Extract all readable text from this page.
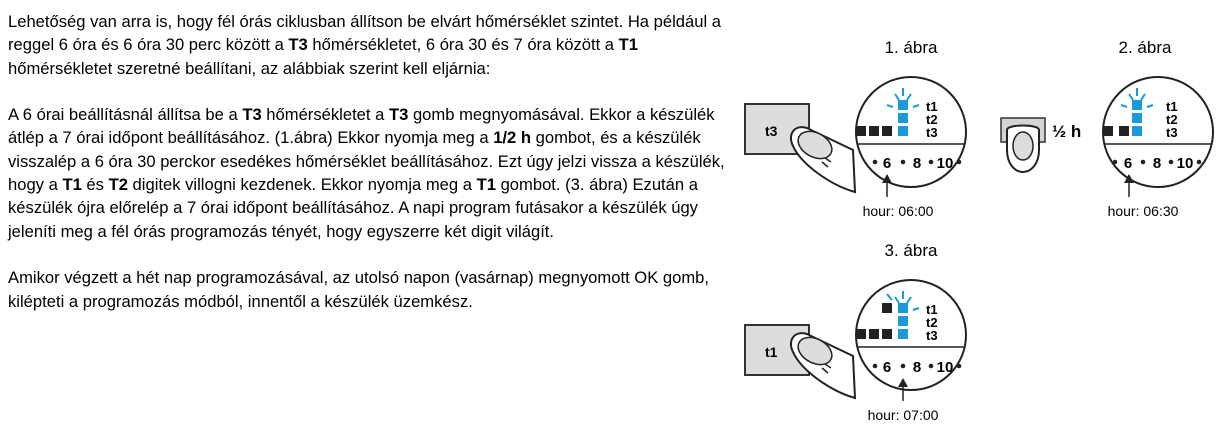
Lehetőség van arra is, hogy fél órás ciklusban állítson be elvárt hőmérséklet szintet. Ha például a reggel 6 óra és 6 óra 30 perc között a T3 hőmérsékletet, 6 óra 30 és 7 óra között a T1 hőmérsékletet szeretné beállítani, az alábbiak szerint kell eljárnia:

A 6 órai beállításnál állítsa be a T3 hőmérsékletet a T3 gomb megnyomásával. Ekkor a készülék átlép a 7 órai időpont beállításához. (1.ábra) Ekkor nyomja meg a 1/2 h gombot, és a készülék visszalép a 6 óra 30 perckor esedékes hőmérséklet beállításához. Ezt úgy jelzi vissza a készülék, hogy a T1 és T2 digitek villogni kezdenek. Ekkor nyomja meg a T1 gombot. (3. ábra) Ezután a készülék ójra előrelép a 7 órai időpont beállításához. A napi program futásakor a készülék úgy jeleníti meg a fél órás programozás tényét, hogy egyszerre két digit világít.

Amikor végzett a hét nap programozásával, az utolsó napon (vasárnap) megnyomott OK gomb, kilépteti a programozás módból, innentől a készülék üzemkész.

1. ábra
t3
t1
t2
t3
6 8 10
hour: 06:00
2. ábra
½ h
t1
t2
t3
6 8 10
hour: 06:30
3. ábra
t1
t1
t2
t3
6 8 10
hour: 07:00
